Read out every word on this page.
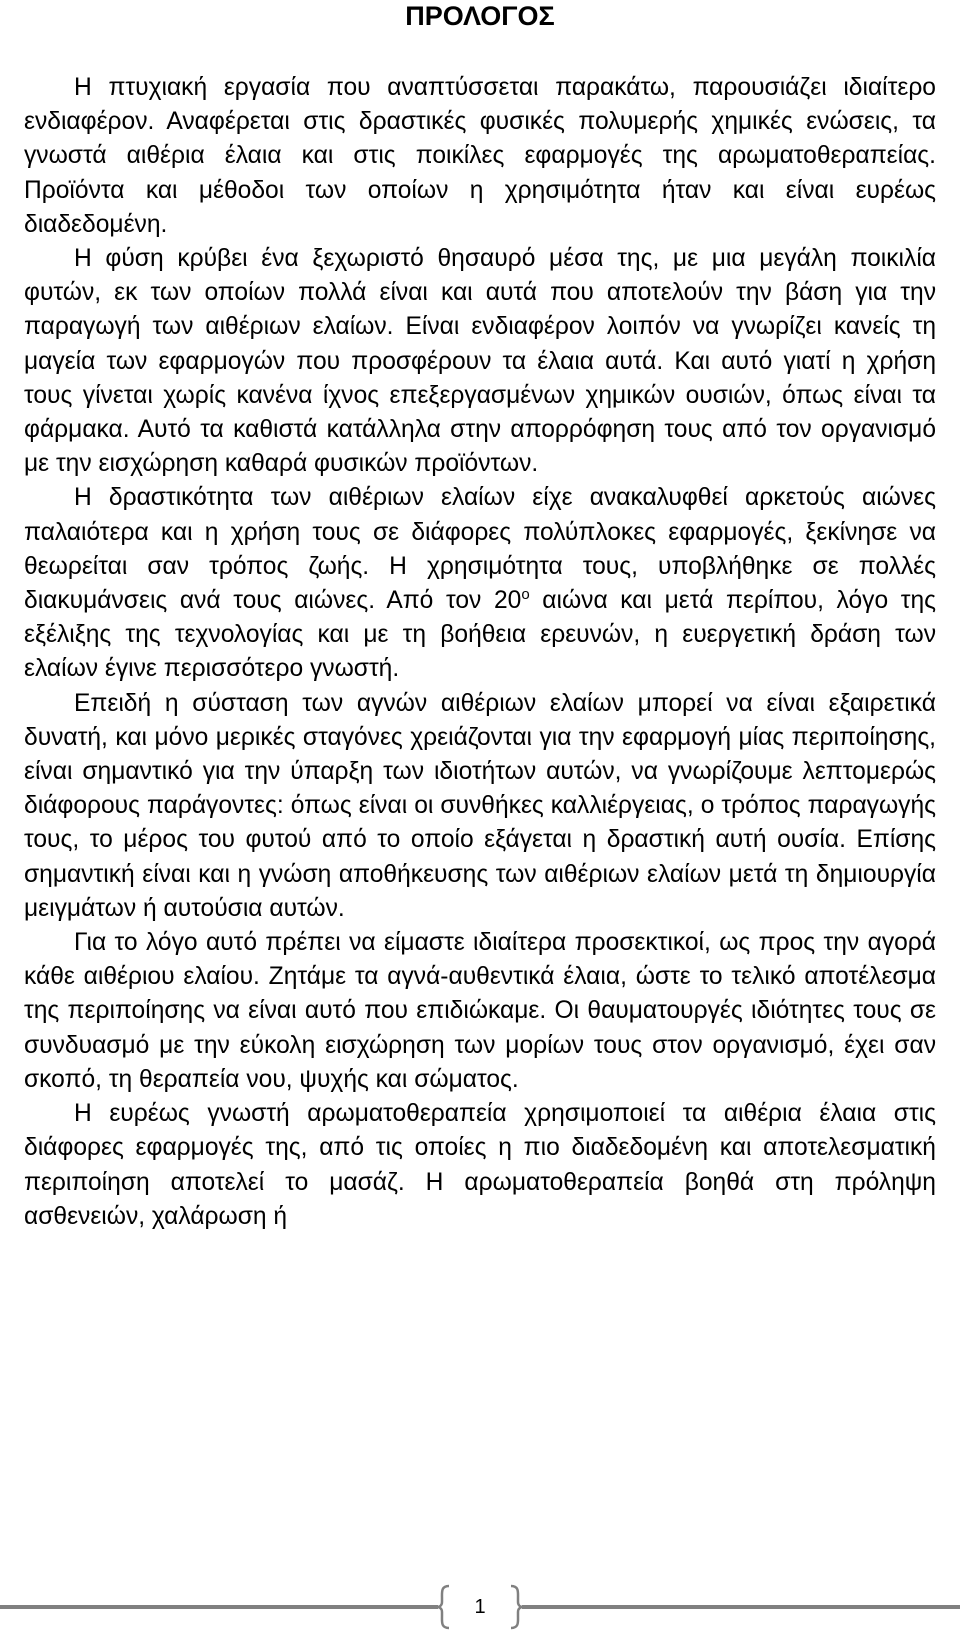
ΠΡΟΛΟΓΟΣ

Η πτυχιακή εργασία που αναπτύσσεται παρακάτω, παρουσιάζει ιδιαίτερο ενδιαφέρον. Αναφέρεται στις δραστικές φυσικές πολυμερής χημικές ενώσεις, τα γνωστά αιθέρια έλαια και στις ποικίλες εφαρμογές της αρωματοθεραπείας. Προϊόντα και μέθοδοι των οποίων η χρησιμότητα ήταν και είναι ευρέως διαδεδομένη.

Η φύση κρύβει ένα ξεχωριστό θησαυρό μέσα της, με μια μεγάλη ποικιλία φυτών, εκ των οποίων πολλά είναι και αυτά που αποτελούν την βάση για την παραγωγή των αιθέριων ελαίων. Είναι ενδιαφέρον λοιπόν να γνωρίζει κανείς τη μαγεία των εφαρμογών που προσφέρουν τα έλαια αυτά. Και αυτό γιατί η χρήση τους γίνεται χωρίς κανένα ίχνος επεξεργασμένων χημικών ουσιών, όπως είναι τα φάρμακα. Αυτό τα καθιστά κατάλληλα στην απορρόφηση τους από τον οργανισμό με την εισχώρηση καθαρά φυσικών προϊόντων.

Η δραστικότητα των αιθέριων ελαίων είχε ανακαλυφθεί αρκετούς αιώνες παλαιότερα και η χρήση τους σε διάφορες πολύπλοκες εφαρμογές, ξεκίνησε να θεωρείται σαν τρόπος ζωής. Η χρησιμότητα τους, υποβλήθηκε σε πολλές διακυμάνσεις ανά τους αιώνες. Από τον $20^o$ αιώνα και μετά περίπου, λόγο της εξέλιξης της τεχνολογίας και με τη βοήθεια ερευνών, η ευεργετική δράση των ελαίων έγινε περισσότερο γνωστή.

Επειδή η σύσταση των αγνών αιθέριων ελαίων μπορεί να είναι εξαιρετικά δυνατή, και μόνο μερικές σταγόνες χρειάζονται για την εφαρμογή μίας περιποίησης, είναι σημαντικό για την ύπαρξη των ιδιοτήτων αυτών, να γνωρίζουμε λεπτομερώς διάφορους παράγοντες: όπως είναι οι συνθήκες καλλιέργειας, ο τρόπος παραγωγής τους, το μέρος του φυτού από το οποίο εξάγεται η δραστική αυτή ουσία. Επίσης σημαντική είναι και η γνώση αποθήκευσης των αιθέριων ελαίων μετά τη δημιουργία μειγμάτων ή αυτούσια αυτών.

Για το λόγο αυτό πρέπει να είμαστε ιδιαίτερα προσεκτικοί, ως προς την αγορά κάθε αιθέριου ελαίου. Ζητάμε τα αγνά-αυθεντικά έλαια, ώστε το τελικό αποτέλεσμα της περιποίησης να είναι αυτό που επιδιώκαμε. Οι θαυματουργές ιδιότητες τους σε συνδυασμό με την εύκολη εισχώρηση των μορίων τους στον οργανισμό, έχει σαν σκοπό, τη θεραπεία νου, ψυχής και σώματος.

Η ευρέως γνωστή αρωματοθεραπεία χρησιμοποιεί τα αιθέρια έλαια στις διάφορες εφαρμογές της, από τις οποίες η πιο διαδεδομένη και αποτελεσματική περιποίηση αποτελεί το μασάζ. Η αρωματοθεραπεία βοηθά στη πρόληψη ασθενειών, χαλάρωση ή

1
